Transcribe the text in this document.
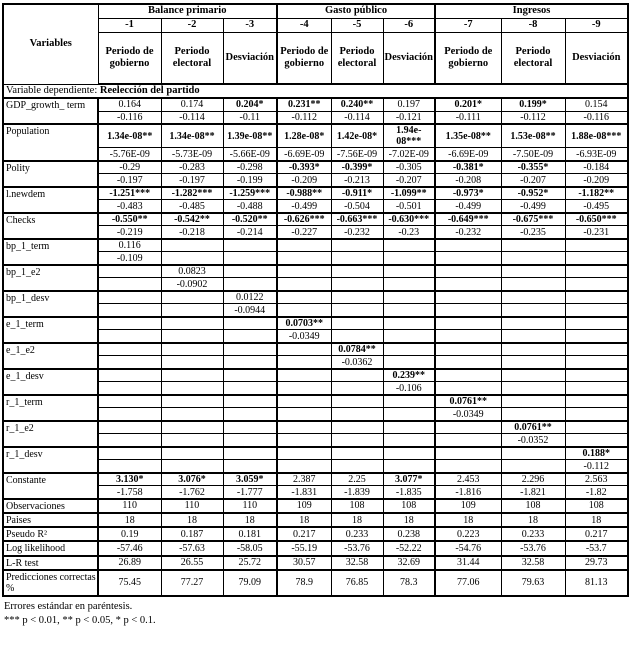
Variables	Balance primario			Gasto público			Ingresos		
	-1	-2	-3	-4	-5	-6	-7	-8	-9
	Periodo de gobierno	Periodo electoral	Desviación	Periodo de gobierno	Periodo electoral	Desviación	Periodo de gobierno	Periodo electoral	Desviación
Variable dependiente: Reelección del partido									
GDP_growth_ term	0.164	0.174	0.204*	0.231**	0.240**	0.197	0.201*	0.199*	0.154
	-0.116	-0.114	-0.11	-0.112	-0.114	-0.121	-0.111	-0.112	-0.116
Population	1.34e-08**	1.34e-08**	1.39e-08**	1.28e-08*	1.42e-08*	1.94e-08***	1.35e-08**	1.53e-08**	1.88e-08***
	-5.76E-09	-5.73E-09	-5.66E-09	-6.69E-09	-7.56E-09	-7.02E-09	-6.69E-09	-7.50E-09	-6.93E-09
Polity	-0.29	-0.283	-0.298	-0.393*	-0.399*	-0.305	-0.381*	-0.355*	-0.184
	-0.197	-0.197	-0.199	-0.209	-0.213	-0.207	-0.208	-0.207	-0.209
l.newdem	-1.251***	-1.282***	-1.259***	-0.988**	-0.911*	-1.099**	-0.973*	-0.952*	-1.182**
	-0.483	-0.485	-0.488	-0.499	-0.504	-0.501	-0.499	-0.499	-0.495
Checks	-0.550**	-0.542**	-0.520**	-0.626***	-0.663***	-0.630***	-0.649***	-0.675***	-0.650***
	-0.219	-0.218	-0.214	-0.227	-0.232	-0.23	-0.232	-0.235	-0.231
bp_1_term	0.116								
	-0.109								
bp_1_e2		0.0823							
		-0.0902							
bp_1_desv			0.0122						
			-0.0944						
e_1_term				0.0703**					
				-0.0349					
e_1_e2					0.0784**				
					-0.0362				
e_1_desv						0.239**			
						-0.106			
r_1_term							0.0761**		
							-0.0349		
r_1_e2								0.0761**	
								-0.0352	
r_1_desv									0.188*
									-0.112
Constante	3.130*	3.076*	3.059*	2.387	2.25	3.077*	2.453	2.296	2.563
	-1.758	-1.762	-1.777	-1.831	-1.839	-1.835	-1.816	-1.821	-1.82
Observaciones	110	110	110	109	108	108	109	108	108
Paises	18	18	18	18	18	18	18	18	18
Pseudo R²	0.19	0.187	0.181	0.217	0.233	0.238	0.223	0.233	0.217
Log likelihood	-57.46	-57.63	-58.05	-55.19	-53.76	-52.22	-54.76	-53.76	-53.7
L-R test	26.89	26.55	25.72	30.57	32.58	32.69	31.44	32.58	29.73
Predicciones correctas %	75.45	77.27	79.09	78.9	76.85	78.3	77.06	79.63	81.13
Errores estándar en paréntesis.
*** p < 0.01, ** p < 0.05, * p < 0.1.
